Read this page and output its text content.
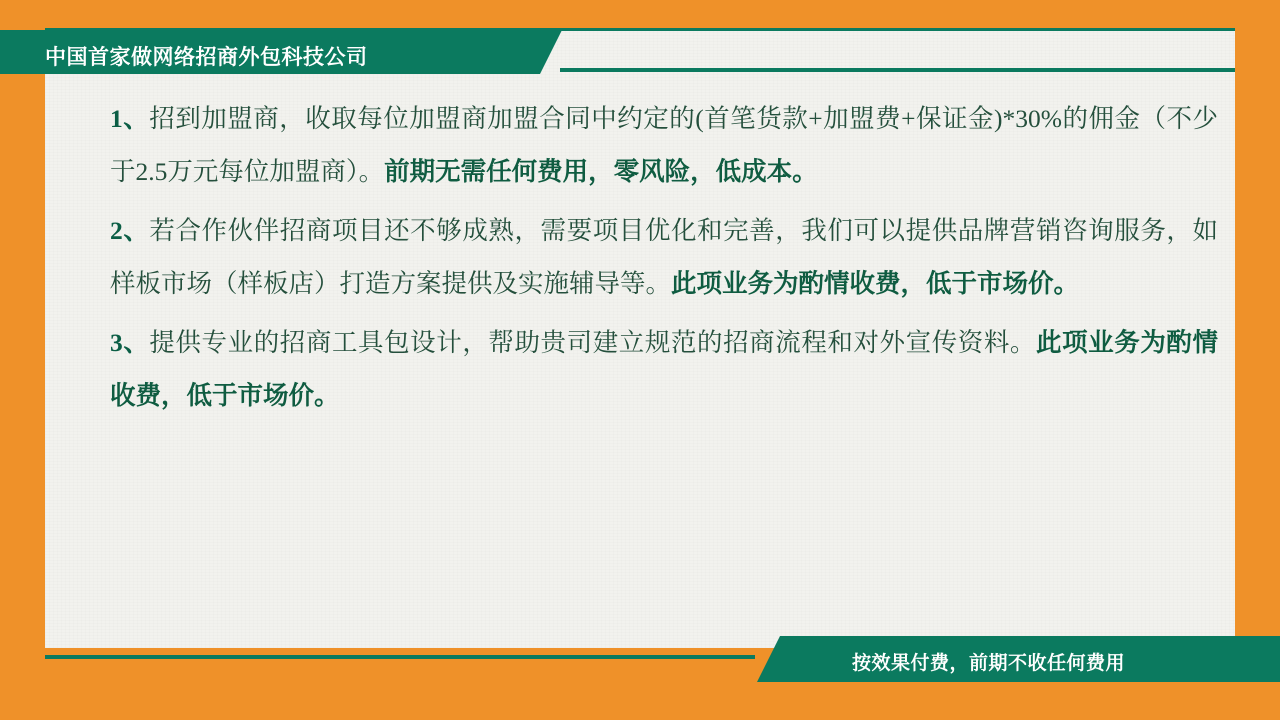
中国首家做网络招商外包科技公司

1、招到加盟商，收取每位加盟商加盟合同中约定的(首笔货款+加盟费+保证金)*30%的佣金（不少于2.5万元每位加盟商）。前期无需任何费用，零风险，低成本。

2、若合作伙伴招商项目还不够成熟，需要项目优化和完善，我们可以提供品牌营销咨询服务，如样板市场（样板店）打造方案提供及实施辅导等。此项业务为酌情收费，低于市场价。

3、提供专业的招商工具包设计，帮助贵司建立规范的招商流程和对外宣传资料。此项业务为酌情收费，低于市场价。

按效果付费，前期不收任何费用
